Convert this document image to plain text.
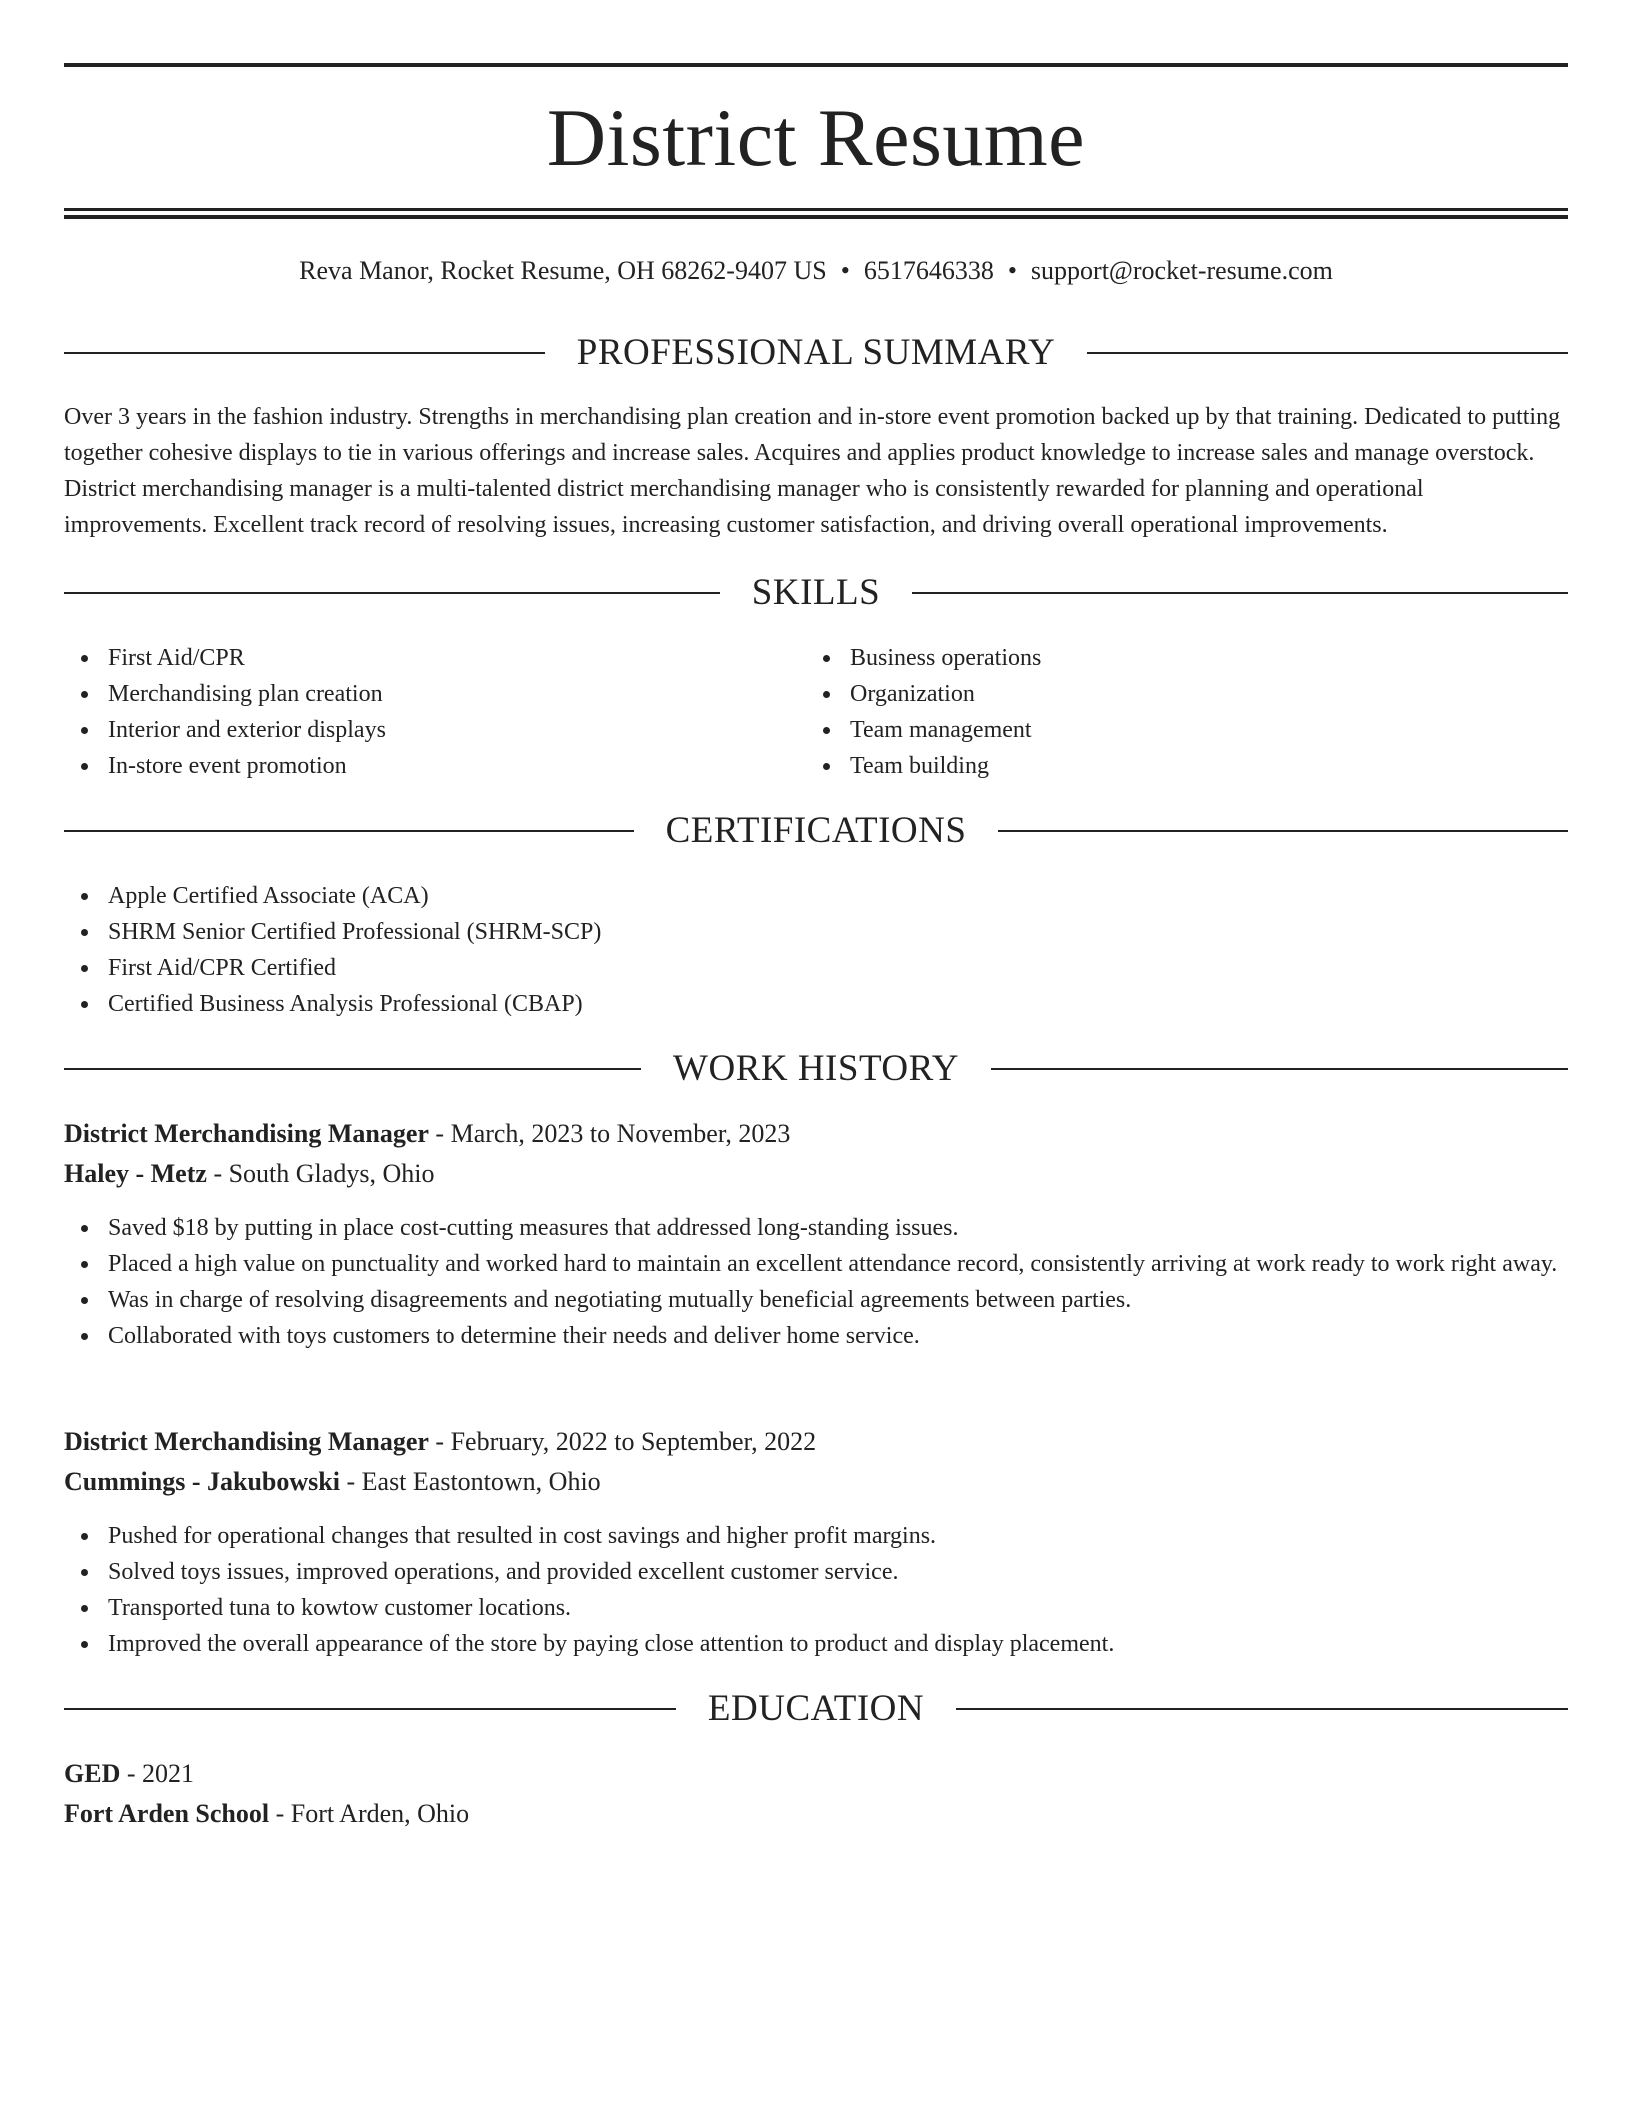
District Resume
Reva Manor, Rocket Resume, OH 68262-9407 US • 6517646338 • support@rocket-resume.com
PROFESSIONAL SUMMARY

Over 3 years in the fashion industry. Strengths in merchandising plan creation and in-store event promotion backed up by that training. Dedicated to putting together cohesive displays to tie in various offerings and increase sales. Acquires and applies product knowledge to increase sales and manage overstock. District merchandising manager is a multi-talented district merchandising manager who is consistently rewarded for planning and operational improvements. Excellent track record of resolving issues, increasing customer satisfaction, and driving overall operational improvements.

SKILLS
First Aid/CPR
Merchandising plan creation
Interior and exterior displays
In-store event promotion
Business operations
Organization
Team management
Team building
CERTIFICATIONS
Apple Certified Associate (ACA)
SHRM Senior Certified Professional (SHRM-SCP)
First Aid/CPR Certified
Certified Business Analysis Professional (CBAP)
WORK HISTORY
District Merchandising Manager - March, 2023 to November, 2023
Haley - Metz - South Gladys, Ohio
Saved $18 by putting in place cost-cutting measures that addressed long-standing issues.
Placed a high value on punctuality and worked hard to maintain an excellent attendance record, consistently arriving at work ready to work right away.
Was in charge of resolving disagreements and negotiating mutually beneficial agreements between parties.
Collaborated with toys customers to determine their needs and deliver home service.
District Merchandising Manager - February, 2022 to September, 2022
Cummings - Jakubowski - East Eastontown, Ohio
Pushed for operational changes that resulted in cost savings and higher profit margins.
Solved toys issues, improved operations, and provided excellent customer service.
Transported tuna to kowtow customer locations.
Improved the overall appearance of the store by paying close attention to product and display placement.
EDUCATION
GED - 2021
Fort Arden School - Fort Arden, Ohio
